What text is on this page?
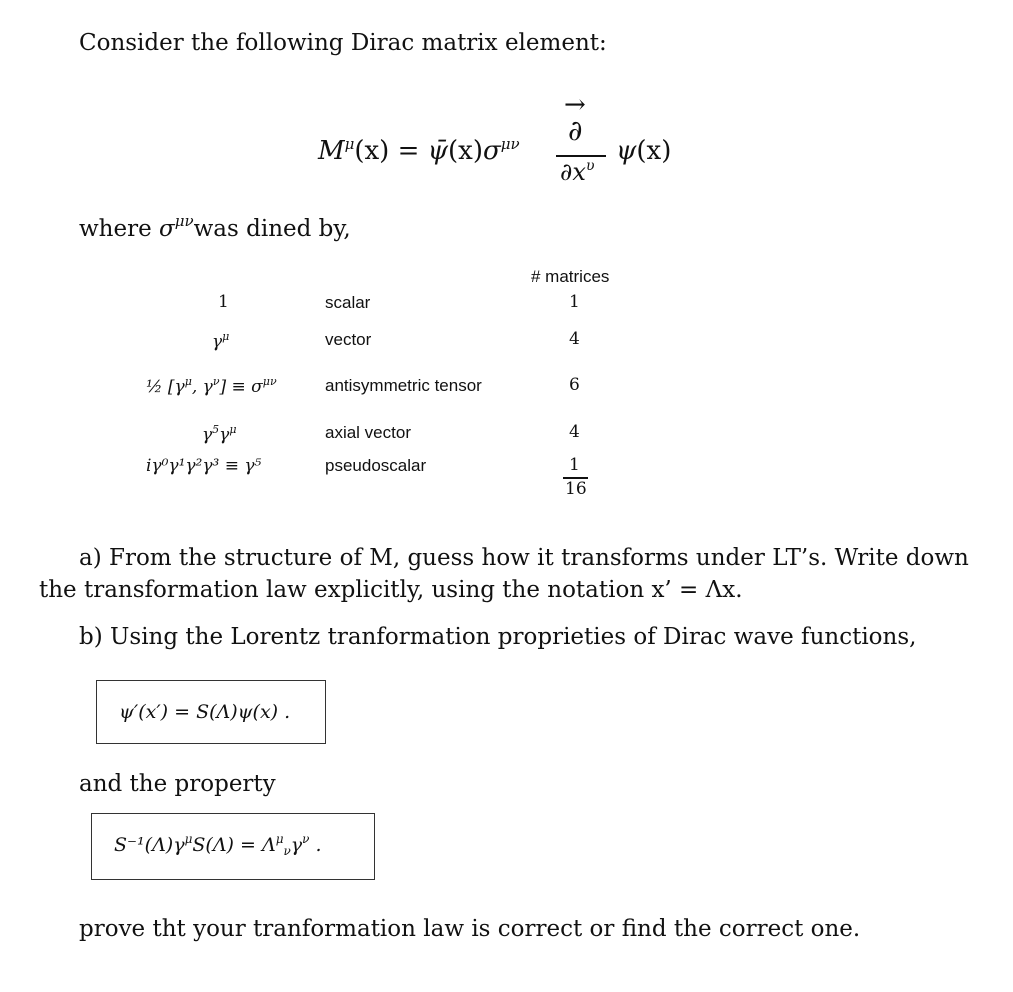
Consider the following Dirac matrix element:
$M^\mu(x)$ = $\psī(x)\sigma^{\mu\nu}$
→
∂
$\partial x^\upsilon$ ψ(x)
where $\sigma^{\mu\nu}was$ dined by,
# matrices
1	scalar	1
$\gamma^\mu$	vector	4
½ [$\gamma^\mu$, $\gamma^\nu] \equiv \sigma^{\mu\nu}$	antisymmetric tensor	6
$\gamma^5\gamma^\mu$	axial vector	4
iγ⁰γ¹γ²γ³ ≡ γ⁵	pseudoscalar	1
16
a) From the structure of M, guess how it transforms under LT’s. Write down
the transformation law explicitly, using the notation x’ = Λx.
b) Using the Lorentz tranformation proprieties of Dirac wave functions,
ψ′(x′) = S(Λ)ψ(x) .
and the property
$S^{-1}(\Lambda)\gamma^\mu S(\Lambda) = \Lambda^\mu_\nu\gamma^\nu$ .
prove tht your tranformation law is correct or find the correct one.
